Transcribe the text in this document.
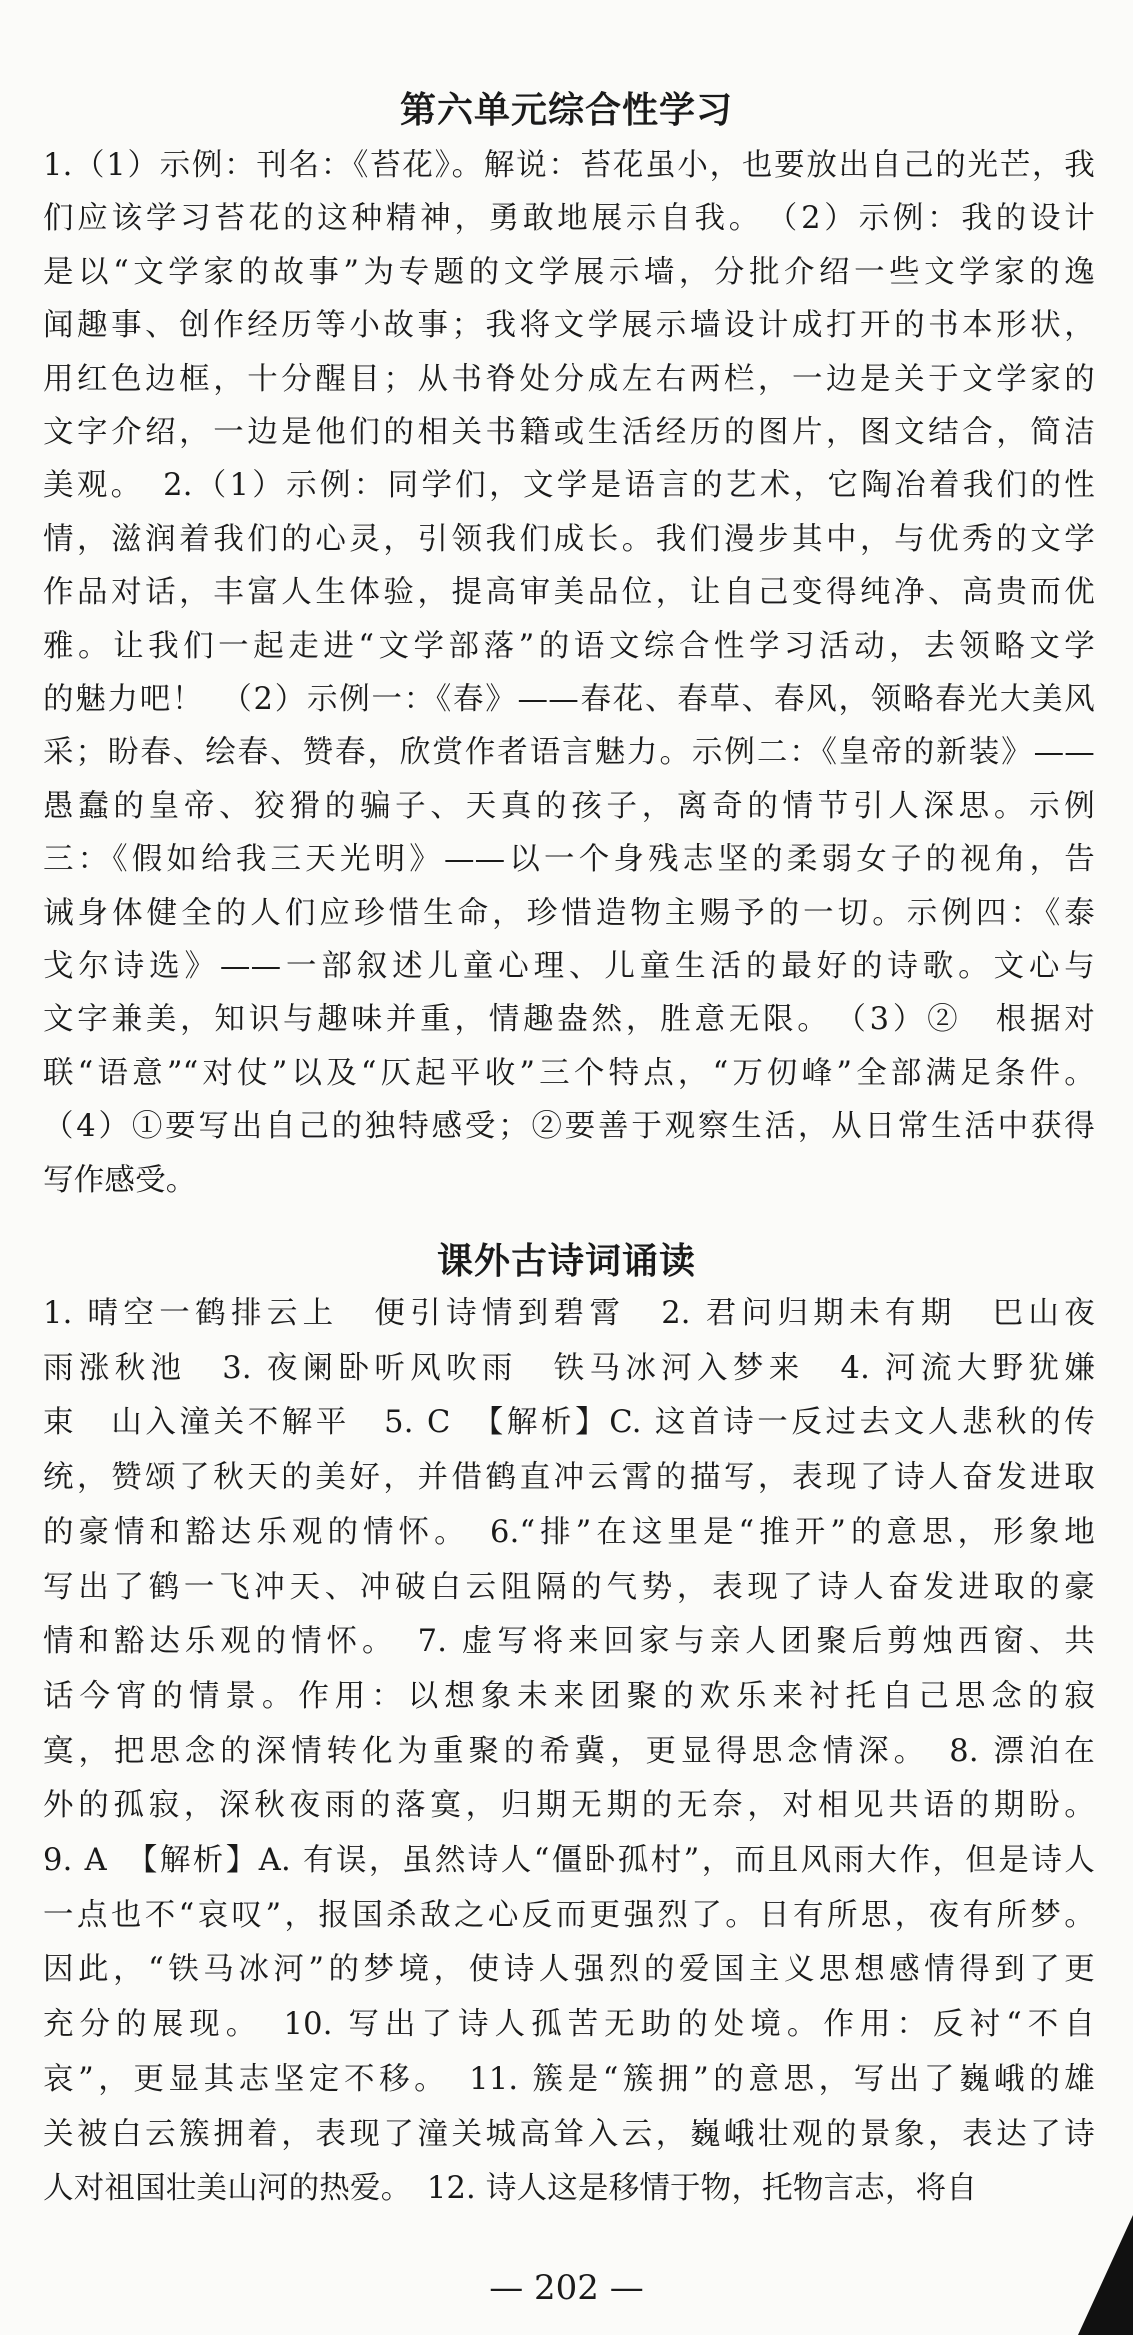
第六单元综合性学习
1.（1）示例：刊名：《苔花》。解说：苔花虽小，也要放出自己的光芒，我
们应该学习苔花的这种精神，勇敢地展示自我。　（2）示例：我的设计
是以“文学家的故事”为专题的文学展示墙，分批介绍一些文学家的逸
闻趣事、创作经历等小故事；我将文学展示墙设计成打开的书本形状，
用红色边框，十分醒目；从书脊处分成左右两栏，一边是关于文学家的
文字介绍，一边是他们的相关书籍或生活经历的图片，图文结合，简洁
美观。　2.（1）示例：同学们，文学是语言的艺术，它陶冶着我们的性
情，滋润着我们的心灵，引领我们成长。我们漫步其中，与优秀的文学
作品对话，丰富人生体验，提高审美品位，让自己变得纯净、高贵而优
雅。让我们一起走进“文学部落”的语文综合性学习活动，去领略文学
的魅力吧！　（2）示例一：《春》——春花、春草、春风，领略春光大美风
采；盼春、绘春、赞春，欣赏作者语言魅力。示例二：《皇帝的新装》——
愚蠢的皇帝、狡猾的骗子、天真的孩子，离奇的情节引人深思。示例
三：《假如给我三天光明》——以一个身残志坚的柔弱女子的视角，告
诫身体健全的人们应珍惜生命，珍惜造物主赐予的一切。示例四：《泰
戈尔诗选》——一部叙述儿童心理、儿童生活的最好的诗歌。文心与
文字兼美，知识与趣味并重，情趣盎然，胜意无限。　（3）②　根据对
联“语意”“对仗”以及“仄起平收”三个特点，“万仞峰”全部满足条件。
（4）①要写出自己的独特感受；②要善于观察生活，从日常生活中获得
写作感受。
课外古诗词诵读
1. 晴空一鹤排云上　便引诗情到碧霄　2. 君问归期未有期　巴山夜
雨涨秋池　3. 夜阑卧听风吹雨　铁马冰河入梦来　4. 河流大野犹嫌
束　山入潼关不解平　5. C　【解析】C. 这首诗一反过去文人悲秋的传
统，赞颂了秋天的美好，并借鹤直冲云霄的描写，表现了诗人奋发进取
的豪情和豁达乐观的情怀。　6.“排”在这里是“推开”的意思，形象地
写出了鹤一飞冲天、冲破白云阻隔的气势，表现了诗人奋发进取的豪
情和豁达乐观的情怀。　7. 虚写将来回家与亲人团聚后剪烛西窗、共
话今宵的情景。作用：以想象未来团聚的欢乐来衬托自己思念的寂
寞，把思念的深情转化为重聚的希冀，更显得思念情深。　8. 漂泊在
外的孤寂，深秋夜雨的落寞，归期无期的无奈，对相见共语的期盼。
9. A　【解析】A. 有误，虽然诗人“僵卧孤村”，而且风雨大作，但是诗人
一点也不“哀叹”，报国杀敌之心反而更强烈了。日有所思，夜有所梦。
因此，“铁马冰河”的梦境，使诗人强烈的爱国主义思想感情得到了更
充分的展现。　10. 写出了诗人孤苦无助的处境。作用：反衬“不自
哀”，更显其志坚定不移。　11. 簇是“簇拥”的意思，写出了巍峨的雄
关被白云簇拥着，表现了潼关城高耸入云，巍峨壮观的景象，表达了诗
人对祖国壮美山河的热爱。　12. 诗人这是移情于物，托物言志，将自
— 202 —
